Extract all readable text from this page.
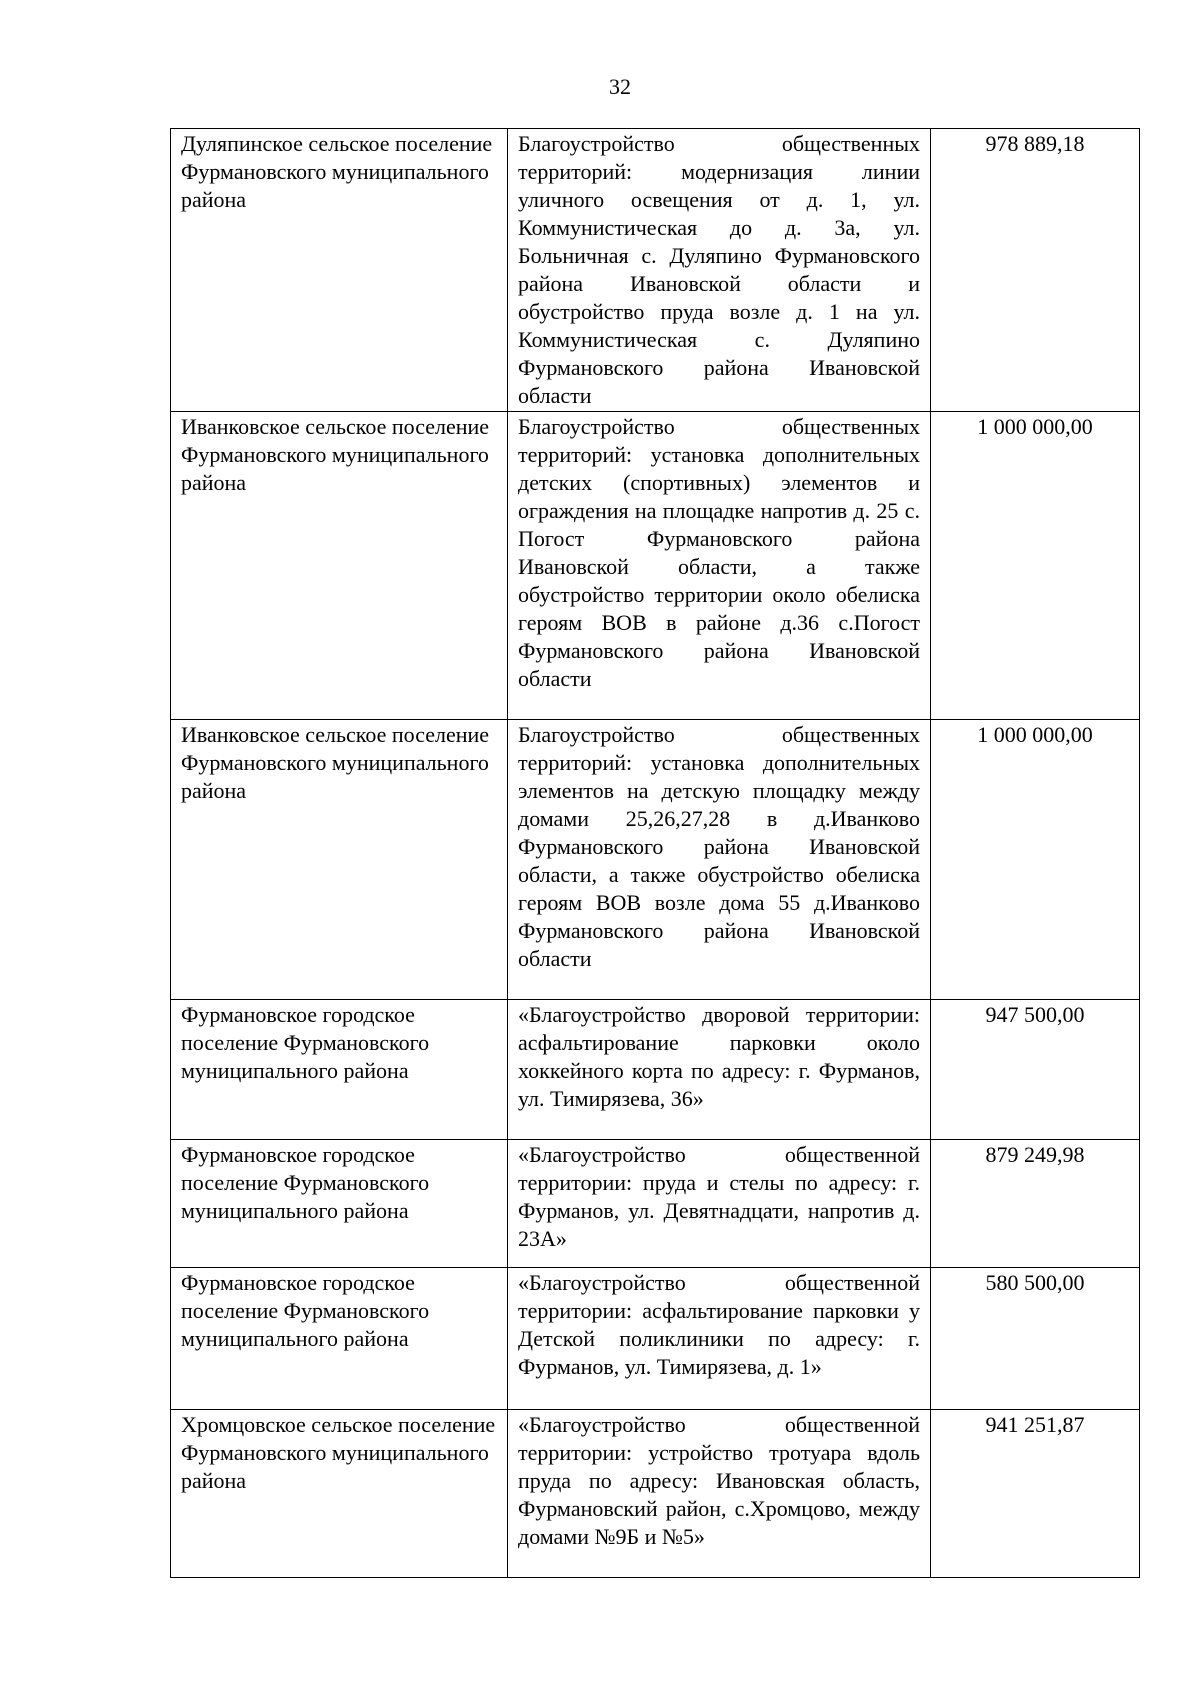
32
Дуляпинское сельское поселение Фурмановского муниципального района	Благоустройство общественных территорий: модернизация линии уличного освещения от д. 1, ул. Коммунистическая до д. 3а, ул. Больничная с. Дуляпино Фурмановского района Ивановской области и обустройство пруда возле д. 1 на ул. Коммунистическая с. Дуляпино Фурмановского района Ивановской области	978 889,18
Иванковское сельское поселение Фурмановского муниципального района	Благоустройство общественных территорий: установка дополнительных детских (спортивных) элементов и ограждения на площадке напротив д. 25 с. Погост Фурмановского района Ивановской области, а также обустройство территории около обелиска героям ВОВ в районе д.36 с.Погост Фурмановского района Ивановской области	1 000 000,00
Иванковское сельское поселение Фурмановского муниципального района	Благоустройство общественных территорий: установка дополнительных элементов на детскую площадку между домами 25,26,27,28 в д.Иванково Фурмановского района Ивановской области, а также обустройство обелиска героям ВОВ возле дома 55 д.Иванково Фурмановского района Ивановской области	1 000 000,00
Фурмановское городское поселение Фурмановского муниципального района	«Благоустройство дворовой территории: асфальтирование парковки около хоккейного корта по адресу: г. Фурманов, ул. Тимирязева, 36»	947 500,00
Фурмановское городское поселение Фурмановского муниципального района	«Благоустройство общественной территории: пруда и стелы по адресу: г. Фурманов, ул. Девятнадцати, напротив д. 23А»	879 249,98
Фурмановское городское поселение Фурмановского муниципального района	«Благоустройство общественной территории: асфальтирование парковки у Детской поликлиники по адресу: г. Фурманов, ул. Тимирязева, д. 1»	580 500,00
Хромцовское сельское поселение Фурмановского муниципального района	«Благоустройство общественной территории: устройство тротуара вдоль пруда по адресу: Ивановская область, Фурмановский район, с.Хромцово, между домами №9Б и №5»	941 251,87
